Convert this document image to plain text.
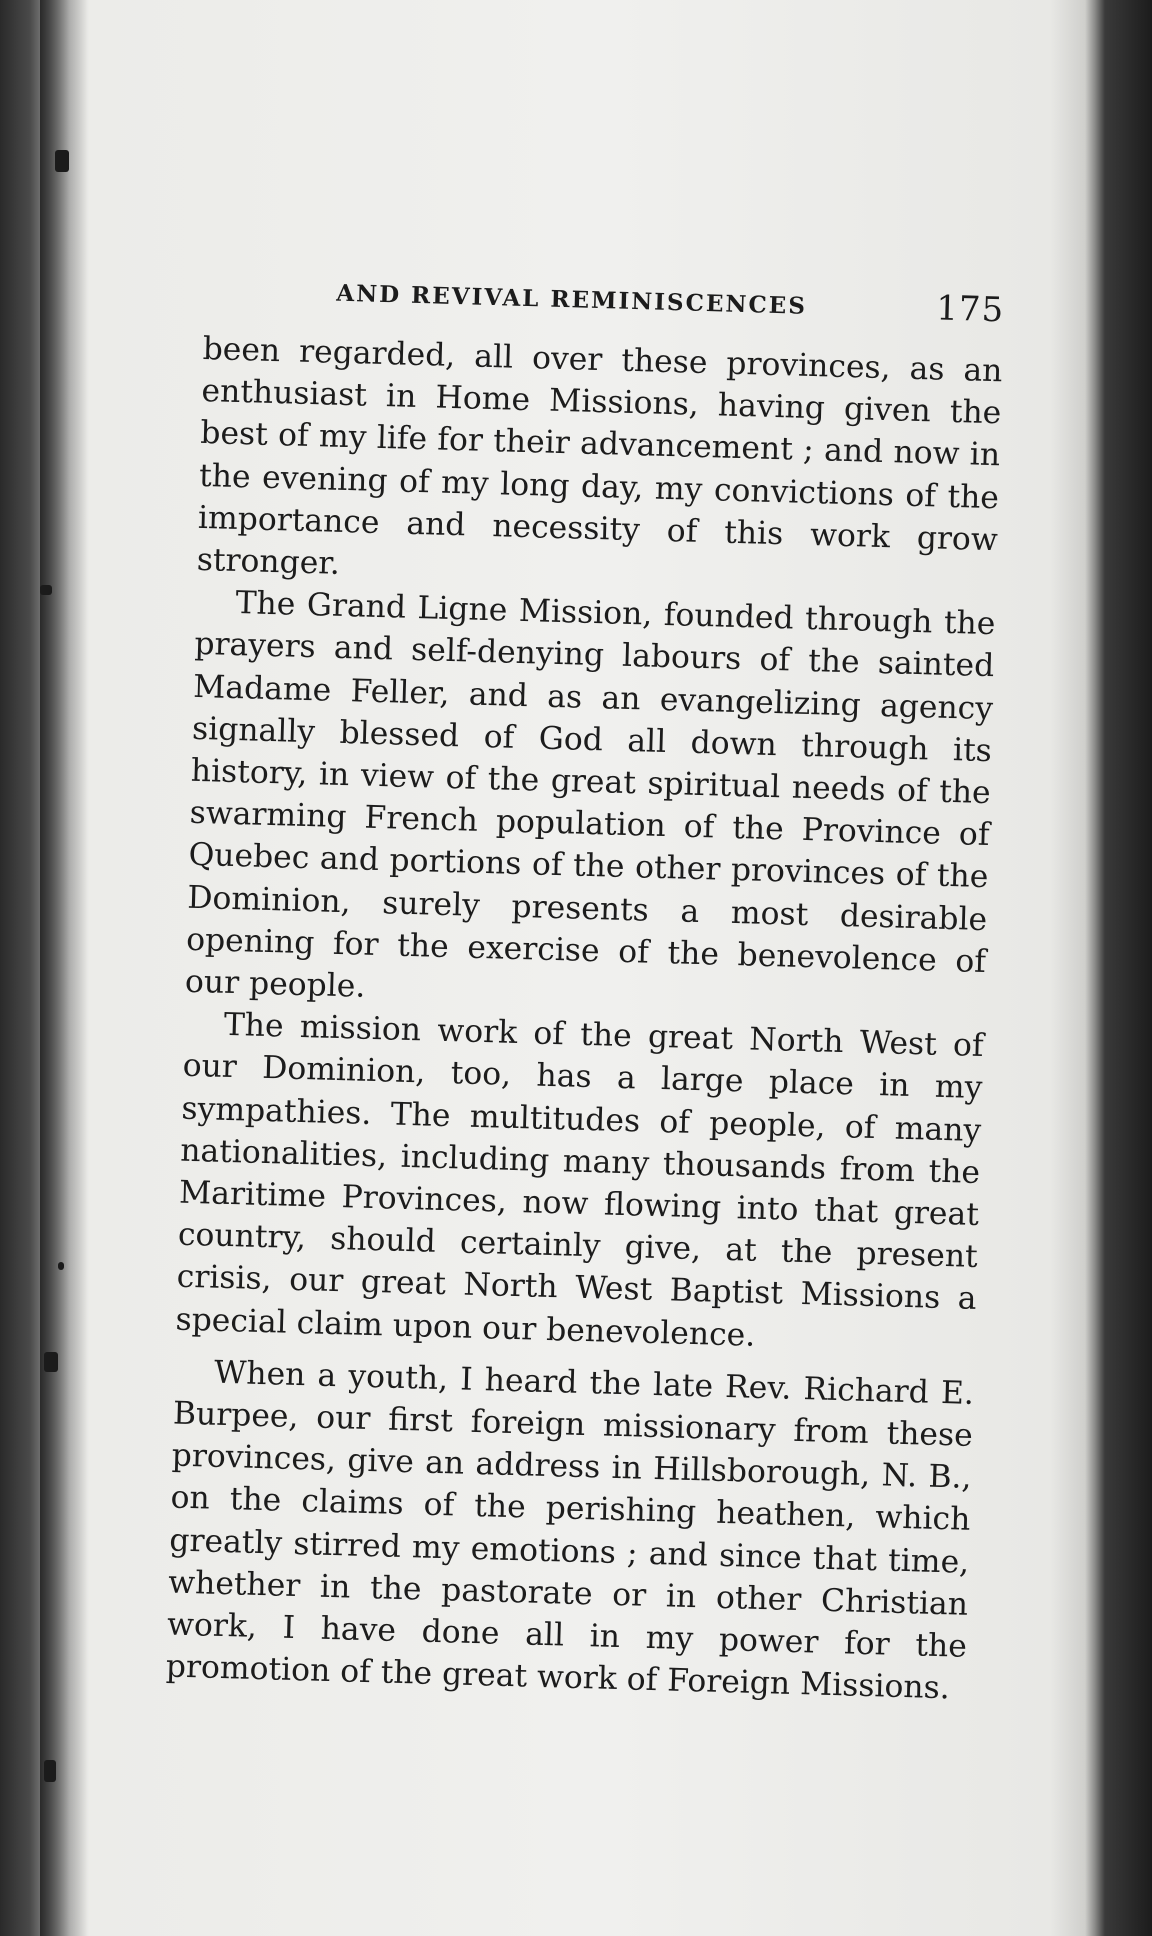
AND REVIVAL REMINISCENCES	175

been regarded, all over these provinces, as an enthusiast in Home Missions, having given the best of my life for their advancement ; and now in the evening of my long day, my convictions of the importance and necessity of this work grow stronger.

The Grand Ligne Mission, founded through the prayers and self-denying labours of the sainted Madame Feller, and as an evangelizing agency signally blessed of God all down through its history, in view of the great spiritual needs of the swarming French population of the Province of Quebec and portions of the other provinces of the Dominion, surely presents a most desirable opening for the exercise of the benevolence of our people.

The mission work of the great North West of our Dominion, too, has a large place in my sympathies. The multitudes of people, of many nationalities, including many thousands from the Maritime Provinces, now flowing into that great country, should certainly give, at the present crisis, our great North West Baptist Missions a special claim upon our benevolence.

When a youth, I heard the late Rev. Richard E. Burpee, our first foreign missionary from these provinces, give an address in Hillsborough, N. B., on the claims of the perishing heathen, which greatly stirred my emotions ; and since that time, whether in the pastorate or in other Christian work, I have done all in my power for the promotion of the great work of Foreign Missions.
